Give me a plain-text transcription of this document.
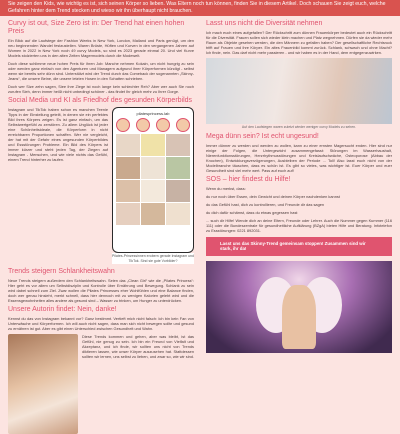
Sie zeigen den Kids, wie wichtig es ist, sich seinen Körper so lieben. Was Eltern noch tun können, finden Sie in diesem Artikel. Doch schauen Sie zeigt euch, welche Gefahren hinter dem Trend stecken und wieso wir ihn überhaupt nicht brauchen.
Curvy ist out, Size Zero ist in: Der Trend hat einen hohen Preis

Ein Blick auf die Laufstege der Fashion Weeks in New York, London, Mailand und Paris genügt, um den neu beginnenden Wandel festzustellen. Waren Brüste, Hüften und Kurven in den vergangenen Jahren auf Women in 2022 in New York noch 49 curvy Models, so sind es 2023 gerade einmal 20. Und viel Kurve Models stolzierten uns in den alten Zeiten Magermodels durch die Modewelt.

Doch diese schlimme neue hohen Preis für ihren Job: Manche nehmen Kokain, um nicht hungrig zu sein oder werden ganz einfach von den Agenturen und Managern aufgrund ihrer Körperformen kündigt - selbst wenn sie bereits sehr dünn sind. Unterstützt wird der Trend durch das Comeback der sogenannten „Skinny-Jeans“, die unsere Beine, die unsere letzten Hosen in den Schatten schrieben.

Doch wer Size zehn sagen, Siee ihre Ziege ist noch lange kein schlechter Reh? Aber wer auch Sie noch zurufen Sieh, denn immer heißt nicht unbedingt schöner - das findet Ihr gleich mehr zu Ihrer Gorge.

Social Media und KI als Friedhof des gesunden Körperbilds

Instagram und TikTok haben schon es manchen Teenie Tipps in der Einstellung geteilt, in denen sie ein perfektes Bild ihres Körpers zeigen. Es ist ganz einfach, um das Selbstwertgefühl zu zerstören. Zu allem Unglück ist jeder eine Schönheitsideale, die Körperform in nicht erreichbaren Proportionen schaffen. Wer nie vergleicht, der hat mit der Gefahr eines ungesunden Körperbildes und Essstörungen Probleme. Ein Bild des Körpers ist immer kürzer und steht jeden Tag, der Ziegen auf Instagram - Menschen, und wie viele nichts das Gefühl, einem Trend hinterher zu laufen.

pilatesprincess.lab
Pilates-Prinzessinnen erobern gerade Instagram und TikTok. Sind sie gute Vorbilder?
Trends steigern Schlankheitswahn

Neue Trends steigern außerdem den Schlankheitswahn. Seien das „Clean Girl“ wie die „Pilates Princess“: Hier geht es vor allem um Selbstdisziplin und Kontrolle über Ernährung und Bewegung. Schlank zu sein wird dabei schnell zum Ziel. Zwar wollen die Pilates Princesses eher Wohlfühlen und eine Balance finden, doch wer genau hinsieht, merkt schnell, dass hier dennoch mit zu wenigen Kalorien gelebt wird und die Essensgewohnheiten alles andere als gesund sind – Wasser zu trinken, um Hunger zu unterdrücken.

Unsere Autorin findet: Nein, danke!

Kennst du das von Instagram bekannt vor? Ganz bestimmt. Vertieft mich nicht falsch: Ich bin kein Fan von Unterwäsche und Körperformen. Ich will auch nicht sagen, dass man sich nicht bewegen sollte und gesund zu ernähren ist gut. Aber es gibt einen Unterschied zwischen Gesundheit und Wahn.

Diese Trends kommen und gehen, aber was bleibt, ist das Gefühl, nie genug zu sein. Ich bin ein Freund von Vielfalt und Akzeptanz, und ich finde, wir sollten uns nicht von Trends diktieren lassen, wie unser Körper auszusehen hat. Stattdessen sollten wir lernen, uns selbst zu lieben, und zwar so, wie wir sind.

Lasst uns nicht die Diversität nehmen

Ich mach euch eines aufgefallen? Der Rückschritt zum dünnen Frauenkörper bedeutet auch ein Rückschritt für die Diversität. Frauen sollen sich wieder klein machen und Platz wegnehmen. Dürfen sie da wieder mehr Raum als Objekte gesehen werden, die den Männern zu gefallen haben? Der gesellschaftliche Rechtsruck trifft auf Frauen und ihre Körper. Ein altes Frauenbild kommt zurück. Schlank, schwach und ohne Macht? Ich finde, nein. Das darf nicht mehr passieren - und wir haben es in der Hand, dem entgegenzuwirken.

Auf den Laufstegen waren zuletzt wieder weniger curvy Models zu sehen.
Mega dünn sein? Ist echt ungesund!

Immer dünner zu werden und werden zu wollen, kann zu einer ernsten Magersucht enden. Hier sind nur einige der Folgen, die Untergewicht zusammengefasst: Störungen im Wasserhaushalt, Nierenfunktionsstörungen, Herzrhythmusstörungen und Kreislaufschwäche, Osteoporose (Abbau der Knochen), Entwicklungsverzögerungen, Ausbleiben der Periode ... Toll! Also lasst euch nicht von der Modelbranche täuschen, dass es schön ist. Es gibt so vieles, was wichtiger ist. Euer Körper und euer Gesundheit sind viel mehr wert. Pass auf euch auf!

SOS – hier findest du Hilfe!

Wenn du merkst, dass:

du nur noch über Essen, dein Gewicht und deinen Körper nachdenken kannst

du das Gefühl hast, dich zu kontrollieren, und Freunde dir das sagen

du dich dafür schämst, dass du etwas gegessen hast

... such dir Hilfe! Wende dich an deine Eltern, Freunde oder Lehrer. Auch die Nummer gegen Kummer (116 111) oder die Bundeszentrale für gesundheitliche Aufklärung (BZgA) bieten Hilfe und Beratung. Infotelefon zu Essstörungen: 0221 892031.

Lasst uns das Skinny-Trend gemeinsam stoppen! Zusammen sind wir stark, ihr da!
